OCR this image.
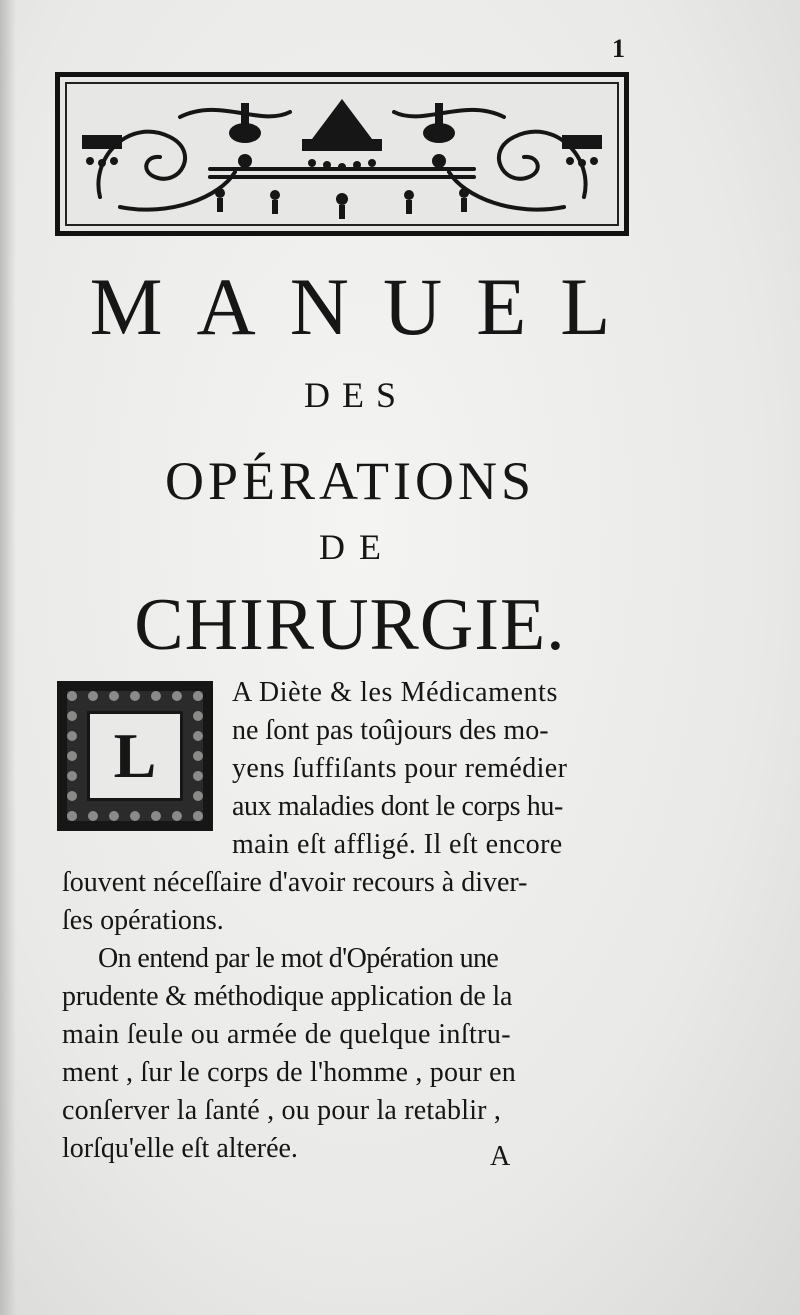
1
MANUEL
DES
OPÉRATIONS
DE
CHIRURGIE.
L

A Diète & les Médicaments

ne ſont pas toûjours des mo-

yens ſuffiſants pour remédier

aux maladies dont le corps hu-

main eſt affligé. Il eſt encore

ſouvent néceſſaire d'avoir recours à diver-

ſes opérations.

On entend par le mot d'Opération une

prudente & méthodique application de la

main ſeule ou armée de quelque inſtru-

ment , ſur le corps de l'homme , pour en

conſerver la ſanté , ou pour la retablir ,

lorſqu'elle eſt alterée.	A
